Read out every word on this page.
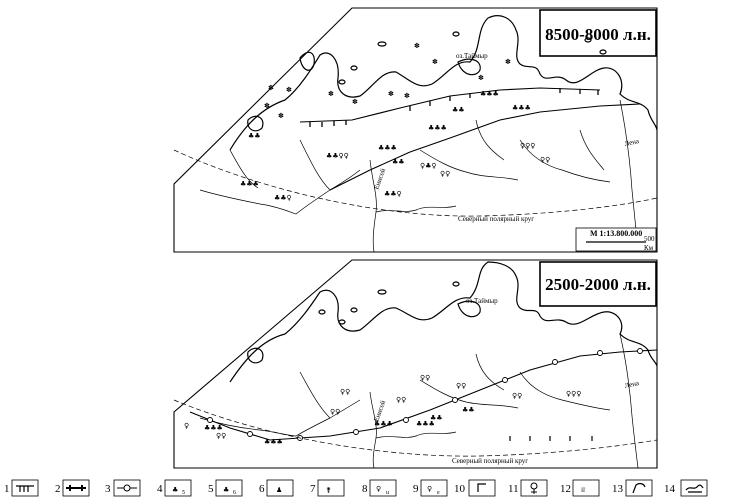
8500-8000 л.н.
оз.Таймыр
Северный полярный круг
Енисей
Лена
✽ ✽
✽
✽
✽
✽
✽ ✽
✽
✽
✽
✽
♣♣
♣♣♣
♣♣♀
♣♣♀♀
♣♣♣
♣♣
♣♣♣
♣♣
♣♣♣
♀♣♀
♀♀
♣♣♣
♀♀♀
♀♀
♣♣♀
М 1:13.800.000
500
Км
2500-2000 л.н.
оз.Таймыр
Северный полярный круг
Енисей
Лена
♀♀
♀♀
♀♀
♀♀
♀♀
♣♣♣
♣♣♣
♀♀
♀	♣♣♣
♣♣
♀♀	♀♀♀
♣♣
♣♣♣
1	2	3	4 ♣ 5 5 ♣ 6 6 ♟	7 ⚵	8 ♀ u 9 ♀ e 10	11	12 ♕ 13	14
